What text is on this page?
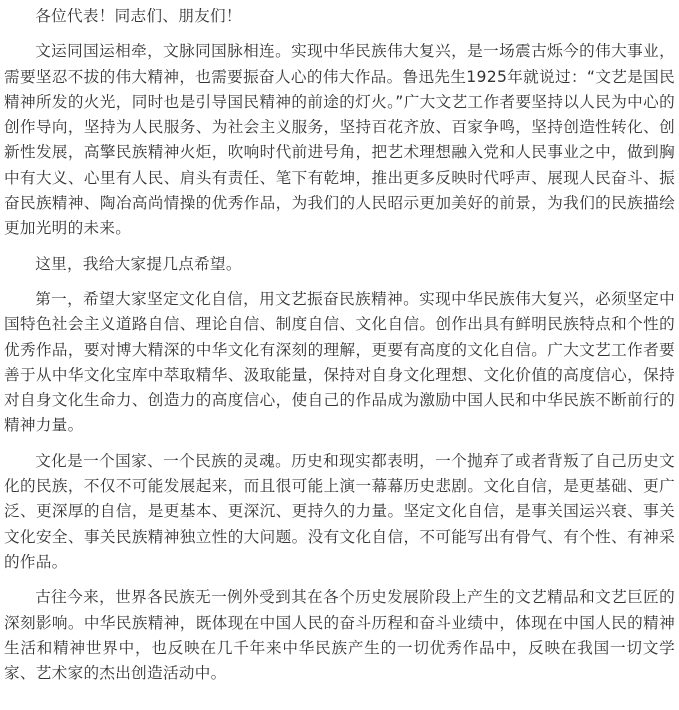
各位代表！同志们、朋友们！

文运同国运相牵，文脉同国脉相连。实现中华民族伟大复兴，是一场震古烁今的伟大事业，需要坚忍不拔的伟大精神，也需要振奋人心的伟大作品。鲁迅先生1925年就说过：“文艺是国民精神所发的火光，同时也是引导国民精神的前途的灯火。”广大文艺工作者要坚持以人民为中心的创作导向，坚持为人民服务、为社会主义服务，坚持百花齐放、百家争鸣，坚持创造性转化、创新性发展，高擎民族精神火炬，吹响时代前进号角，把艺术理想融入党和人民事业之中，做到胸中有大义、心里有人民、肩头有责任、笔下有乾坤，推出更多反映时代呼声、展现人民奋斗、振奋民族精神、陶冶高尚情操的优秀作品，为我们的人民昭示更加美好的前景，为我们的民族描绘更加光明的未来。

这里，我给大家提几点希望。

第一，希望大家坚定文化自信，用文艺振奋民族精神。实现中华民族伟大复兴，必须坚定中国特色社会主义道路自信、理论自信、制度自信、文化自信。创作出具有鲜明民族特点和个性的优秀作品，要对博大精深的中华文化有深刻的理解，更要有高度的文化自信。广大文艺工作者要善于从中华文化宝库中萃取精华、汲取能量，保持对自身文化理想、文化价值的高度信心，保持对自身文化生命力、创造力的高度信心，使自己的作品成为激励中国人民和中华民族不断前行的精神力量。

文化是一个国家、一个民族的灵魂。历史和现实都表明，一个抛弃了或者背叛了自己历史文化的民族，不仅不可能发展起来，而且很可能上演一幕幕历史悲剧。文化自信，是更基础、更广泛、更深厚的自信，是更基本、更深沉、更持久的力量。坚定文化自信，是事关国运兴衰、事关文化安全、事关民族精神独立性的大问题。没有文化自信，不可能写出有骨气、有个性、有神采的作品。

古往今来，世界各民族无一例外受到其在各个历史发展阶段上产生的文艺精品和文艺巨匠的深刻影响。中华民族精神，既体现在中国人民的奋斗历程和奋斗业绩中，体现在中国人民的精神生活和精神世界中，也反映在几千年来中华民族产生的一切优秀作品中，反映在我国一切文学家、艺术家的杰出创造活动中。
